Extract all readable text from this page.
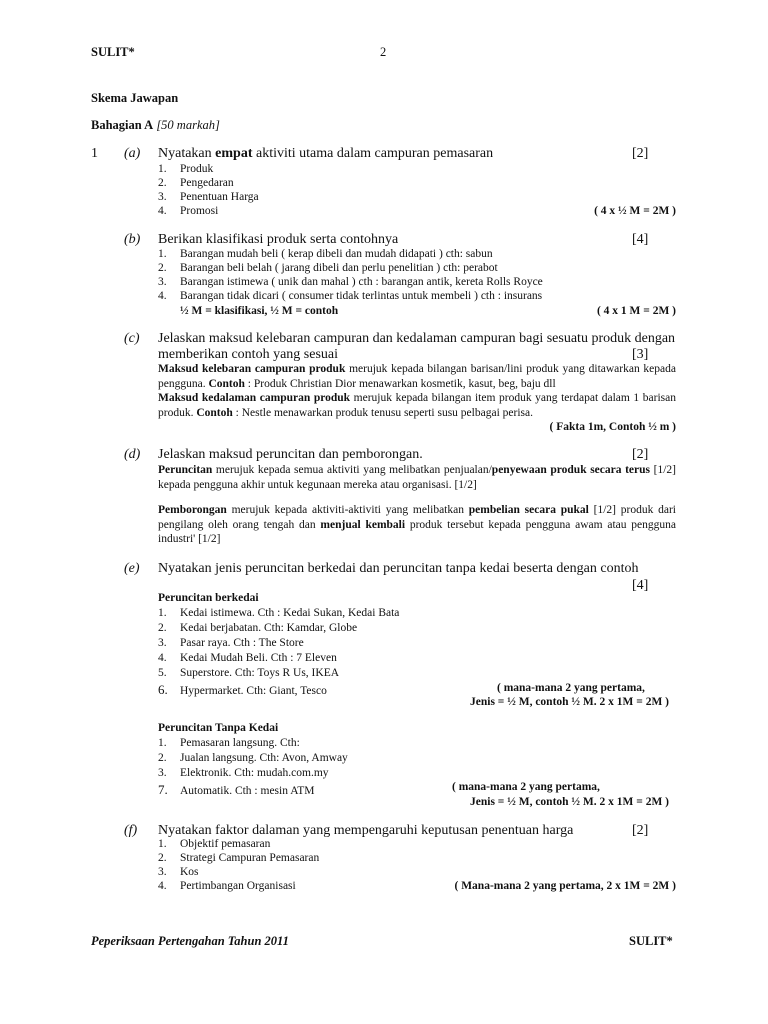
SULIT*	2
Skema Jawapan
Bahagian A [50 markah]
1 (a) Nyatakan empat aktiviti utama dalam campuran pemasaran	[2]
1. Produk
2. Pengedaran
3. Penentuan Harga
4. Promosi	( 4 x ½ M = 2M )
(b) Berikan klasifikasi produk serta contohnya	[4]
1. Barangan mudah beli ( kerap dibeli dan mudah didapati ) cth: sabun
2. Barangan beli belah ( jarang dibeli dan perlu penelitian ) cth: perabot
3. Barangan istimewa ( unik dan mahal ) cth : barangan antik, kereta Rolls Royce
4. Barangan tidak dicari ( consumer tidak terlintas untuk membeli ) cth : insurans
½ M = klasifikasi, ½ M = contoh	( 4 x 1 M = 2M )
(c) Jelaskan maksud kelebaran campuran dan kedalaman campuran bagi sesuatu produk dengan
memberikan contoh yang sesuai	[3]
Maksud kelebaran campuran produk merujuk kepada bilangan barisan/lini produk yang ditawarkan kepada pengguna. Contoh : Produk Christian Dior menawarkan kosmetik, kasut, beg, baju dll
Maksud kedalaman campuran produk merujuk kepada bilangan item produk yang terdapat dalam 1 barisan produk. Contoh : Nestle menawarkan produk tenusu seperti susu pelbagai perisa.
( Fakta 1m, Contoh ½ m )
(d) Jelaskan maksud peruncitan dan pemborongan.	[2]
Peruncitan merujuk kepada semua aktiviti yang melibatkan penjualan/penyewaan produk secara terus [1/2] kepada pengguna akhir untuk kegunaan mereka atau organisasi. [1/2]
Pemborongan merujuk kepada aktiviti-aktiviti yang melibatkan pembelian secara pukal [1/2] produk dari pengilang oleh orang tengah dan menjual kembali produk tersebut kepada pengguna awam atau pengguna industri' [1/2]
(e) Nyatakan jenis peruncitan berkedai dan peruncitan tanpa kedai beserta dengan contoh
[4]
Peruncitan berkedai
1. Kedai istimewa. Cth : Kedai Sukan, Kedai Bata
2. Kedai berjabatan. Cth: Kamdar, Globe
3. Pasar raya. Cth : The Store
4. Kedai Mudah Beli. Cth : 7 Eleven
5. Superstore. Cth: Toys R Us, IKEA
6. Hypermarket. Cth: Giant, Tesco	( mana-mana 2 yang pertama,
Jenis = ½ M, contoh ½ M. 2 x 1M = 2M )
Peruncitan Tanpa Kedai
1. Pemasaran langsung. Cth:
2. Jualan langsung. Cth: Avon, Amway
3. Elektronik. Cth: mudah.com.my
7. Automatik. Cth : mesin ATM	( mana-mana 2 yang pertama,
Jenis = ½ M, contoh ½ M. 2 x 1M = 2M )
(f) Nyatakan faktor dalaman yang mempengaruhi keputusan penentuan harga	[2]
1. Objektif pemasaran
2. Strategi Campuran Pemasaran
3. Kos
4. Pertimbangan Organisasi	( Mana-mana 2 yang pertama, 2 x 1M = 2M )
Peperiksaan Pertengahan Tahun 2011	SULIT*
